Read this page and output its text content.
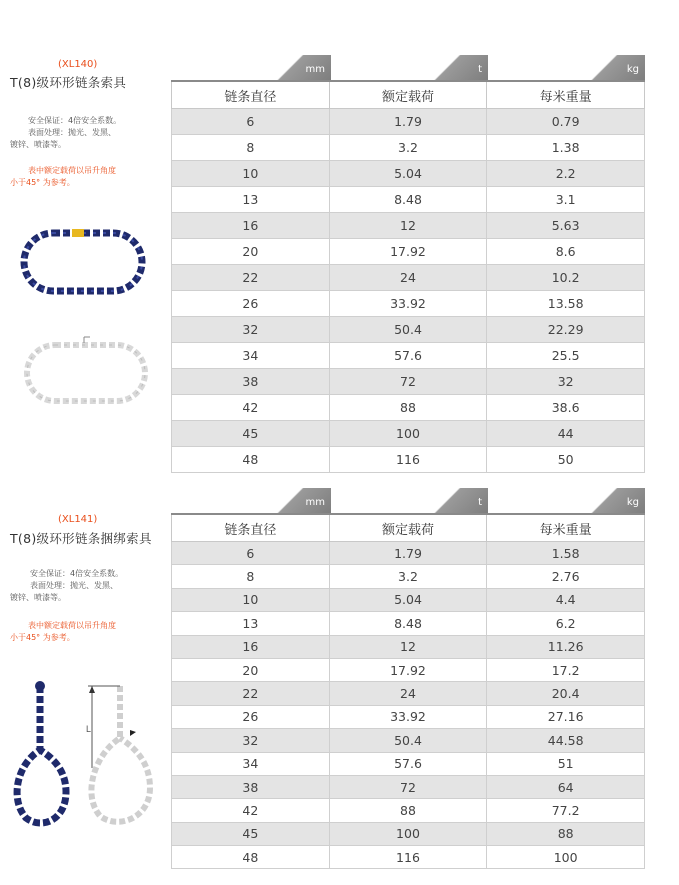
(XL140)
T(8)级环形链条索具
安全保证：4倍安全系数。
表面处理：抛光、发黑、
镀锌、喷漆等。
表中额定载荷以吊升角度
小于45° 为参考。
mm	t	kg
链条直径	额定载荷	每米重量
6	1.79	0.79
8	3.2	1.38
10	5.04	2.2
13	8.48	3.1
16	12	5.63
20	17.92	8.6
22	24	10.2
26	33.92	13.58
32	50.4	22.29
34	57.6	25.5
38	72	32
42	88	38.6
45	100	44
48	116	50
(XL141)
T(8)级环形链条捆绑索具
安全保证：4倍安全系数。
表面处理：抛光、发黑、
镀锌、喷漆等。
表中额定载荷以吊升角度
小于45° 为参考。
L
mm	t	kg
链条直径	额定载荷	每米重量
6	1.79	1.58
8	3.2	2.76
10	5.04	4.4
13	8.48	6.2
16	12	11.26
20	17.92	17.2
22	24	20.4
26	33.92	27.16
32	50.4	44.58
34	57.6	51
38	72	64
42	88	77.2
45	100	88
48	116	100
